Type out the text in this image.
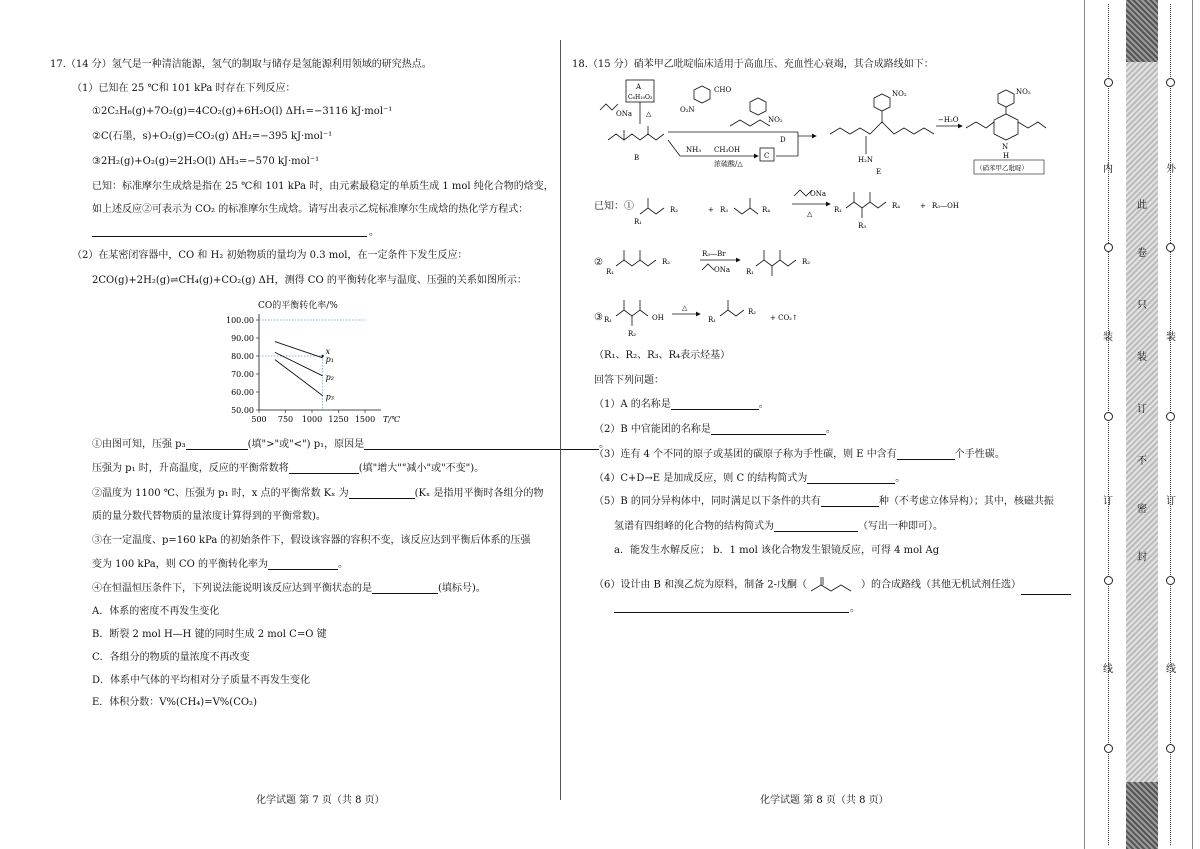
17.（14 分）氢气是一种清洁能源，氢气的制取与储存是氢能源利用领域的研究热点。
（1）已知在 25 ℃和 101 kPa 时存在下列反应：
①2C₂H₆(g)+7O₂(g)=4CO₂(g)+6H₂O(l) ΔH₁=−3116 kJ·mol⁻¹
②C(石墨，s)+O₂(g)=CO₂(g) ΔH₂=−395 kJ·mol⁻¹
③2H₂(g)+O₂(g)=2H₂O(l) ΔH₃=−570 kJ·mol⁻¹
已知：标准摩尔生成焓是指在 25 ℃和 101 kPa 时，由元素最稳定的单质生成 1 mol 纯化合物的焓变，
如上述反应②可表示为 CO₂ 的标准摩尔生成焓。请写出表示乙烷标准摩尔生成焓的热化学方程式：
。
（2）在某密闭容器中，CO 和 H₂ 初始物质的量均为 0.3 mol，在一定条件下发生反应：
2CO(g)+2H₂(g)⇌CH₄(g)+CO₂(g) ΔH，测得 CO 的平衡转化率与温度、压强的关系如图所示：
CO的平衡转化率/%
50.00
60.00
70.00
80.00
90.00
100.00
500 750 1000 1250 1500 T/℃
p₁
p₂
p₃
x
①由图可知，压强 p₃	(填">"或"<") p₁，原因是	。
压强为 p₁ 时，升高温度，反应的平衡常数将	(填"增大""减小"或"不变")。
②温度为 1100 ℃、压强为 p₁ 时，x 点的平衡常数 Kₓ 为	(Kₓ 是指用平衡时各组分的物
质的量分数代替物质的量浓度计算得到的平衡常数)。
③在一定温度、p=160 kPa 的初始条件下，假设该容器的容积不变，该反应达到平衡后体系的压强
变为 100 kPa，则 CO 的平衡转化率为	。
④在恒温恒压条件下，下列说法能说明该反应达到平衡状态的是	(填标号)。
A．体系的密度不再发生变化
B．断裂 2 mol H—H 键的同时生成 2 mol C=O 键
C．各组分的物质的量浓度不再改变
D．体系中气体的平均相对分子质量不再发生变化
E．体积分数：V%(CH₄)=V%(CO₂)
18.（15 分）硝苯甲乙吡啶临床适用于高血压、充血性心衰竭，其合成路线如下：
A
C₆H₁₀O₃
ONa △
B
NH₃ CH₃OH
浓硫酸/△
C
CHO
O₂N
NO₂
D
NO₂
H₂N
E
−H₂O
NO₂
N
H
（硝苯甲乙吡啶）
已知：①
R₁
R₂	+ R₃	R₄
ONa
△	R₁
R₃
R₄	+ R₃—OH
②
R₁
R₂
R₃—Br
ONa R₁
R₂
③ R₁
R₂
OH
△
R₁
R₂
+ CO₂↑
（R₁、R₂、R₃、R₄表示烃基）
回答下列问题：
（1）A 的名称是	。
（2）B 中官能团的名称是	。
（3）连有 4 个不同的原子或基团的碳原子称为手性碳，则 E 中含有	个手性碳。
（4）C+D→E 是加成反应，则 C 的结构简式为	。
（5）B 的同分异构体中，同时满足以下条件的共有	种（不考虑立体异构）；其中，核磁共振
氢谱有四组峰的化合物的结构简式为	（写出一种即可）。
a．能发生水解反应； b．1 mol 该化合物发生银镜反应，可得 4 mol Ag
（6）设计由 B 和溴乙烷为原料，制备 2-戊酮（	）的合成路线（其他无机试剂任选）
。
化学试题 第 7 页（共 8 页）	化学试题 第 8 页（共 8 页）
内
装
订
线
此
卷
只
装
订
不
密
封
外
装
订
线
